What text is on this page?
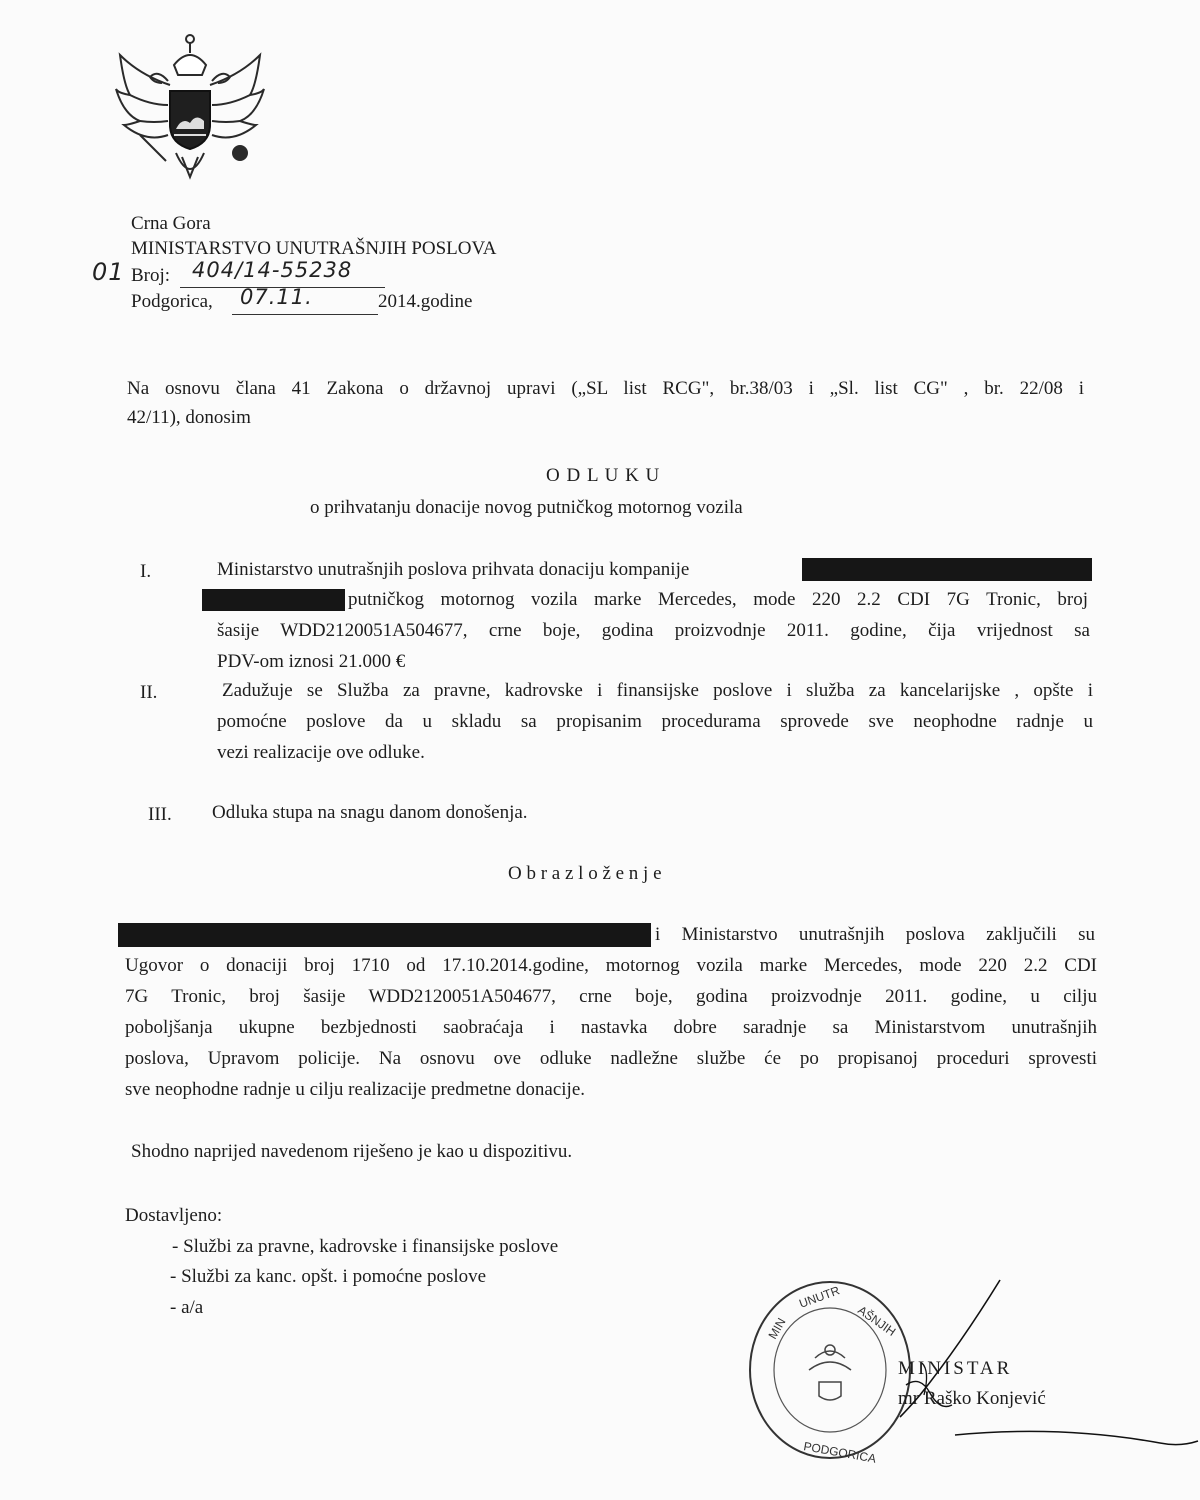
Crna Gora
MINISTARSTVO UNUTRAŠNJIH POSLOVA
01 Broj: 404/14-55238
Podgorica, 07.11.	2014.godine
Na osnovu člana 41 Zakona o državnoj upravi („SL list RCG", br.38/03 i „Sl. list CG" , br. 22/08 i
42/11), donosim
O D L U K U
o prihvatanju donacije novog putničkog motornog vozila
I.	Ministarstvo unutrašnjih poslova prihvata donaciju kompanije
putničkog motornog vozila marke Mercedes, mode 220 2.2 CDI 7G Tronic, broj
šasije WDD2120051A504677, crne boje, godina proizvodnje 2011. godine, čija vrijednost sa
PDV-om iznosi 21.000 €
II.	Zadužuje se Služba za pravne, kadrovske i finansijske poslove i služba za kancelarijske , opšte i
pomoćne poslove da u skladu sa propisanim procedurama sprovede sve neophodne radnje u
vezi realizacije ove odluke.
III. Odluka stupa na snagu danom donošenja.
O b r a z l o ž e n j e
i Ministarstvo unutrašnjih poslova zaključili su
Ugovor o donaciji broj 1710 od 17.10.2014.godine, motornog vozila marke Mercedes, mode 220 2.2 CDI
7G Tronic, broj šasije WDD2120051A504677, crne boje, godina proizvodnje 2011. godine, u cilju
poboljšanja ukupne bezbjednosti saobraćaja i nastavka dobre saradnje sa Ministarstvom unutrašnjih
poslova, Upravom policije. Na osnovu ove odluke nadležne službe će po propisanoj proceduri sprovesti
sve neophodne radnje u cilju realizacije predmetne donacije.
Shodno naprijed navedenom riješeno je kao u dispozitivu.
Dostavljeno:
- Službi za pravne, kadrovske i finansijske poslove
- Službi za kanc. opšt. i pomoćne poslove
- a/a
MIN
UNUTR
AŠNJIH
PODGORICA
MINISTAR
mr Raško Konjević
